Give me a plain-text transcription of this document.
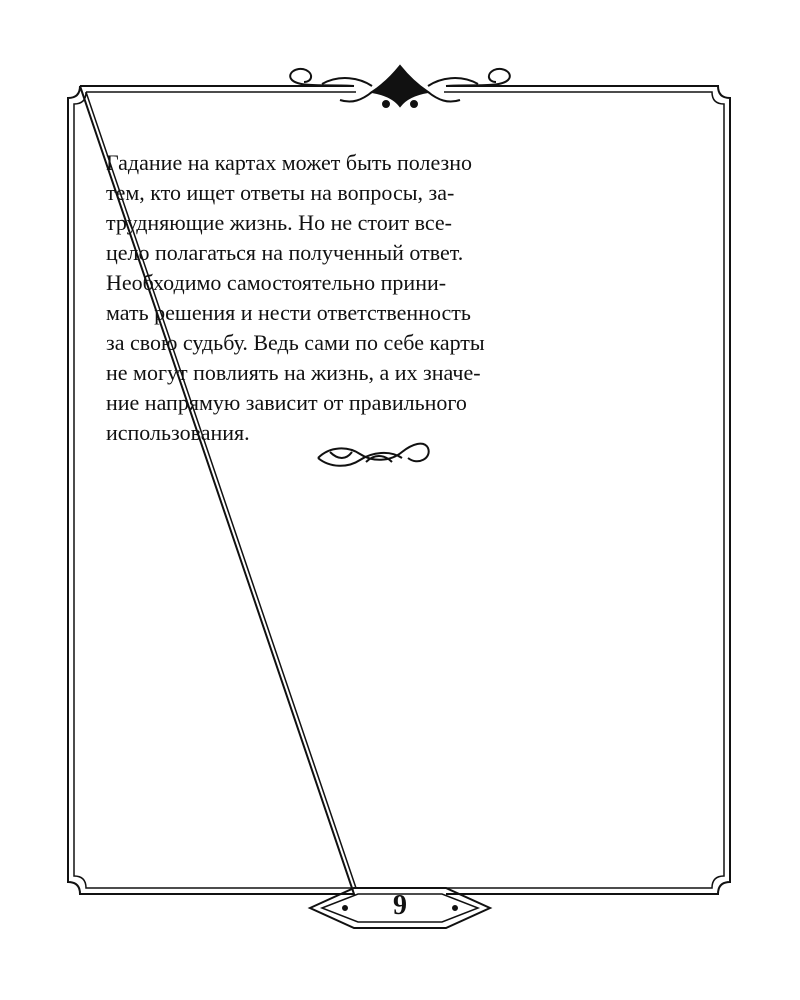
Гадание на картах может быть полезно
тем, кто ищет ответы на вопросы, за-
трудняющие жизнь. Но не стоит все-
цело полагаться на полученный ответ.
Необходимо самостоятельно прини-
мать решения и нести ответственность
за свою судьбу. Ведь сами по себе карты
не могут повлиять на жизнь, а их значе-
ние напрямую зависит от правильного
использования.
9
